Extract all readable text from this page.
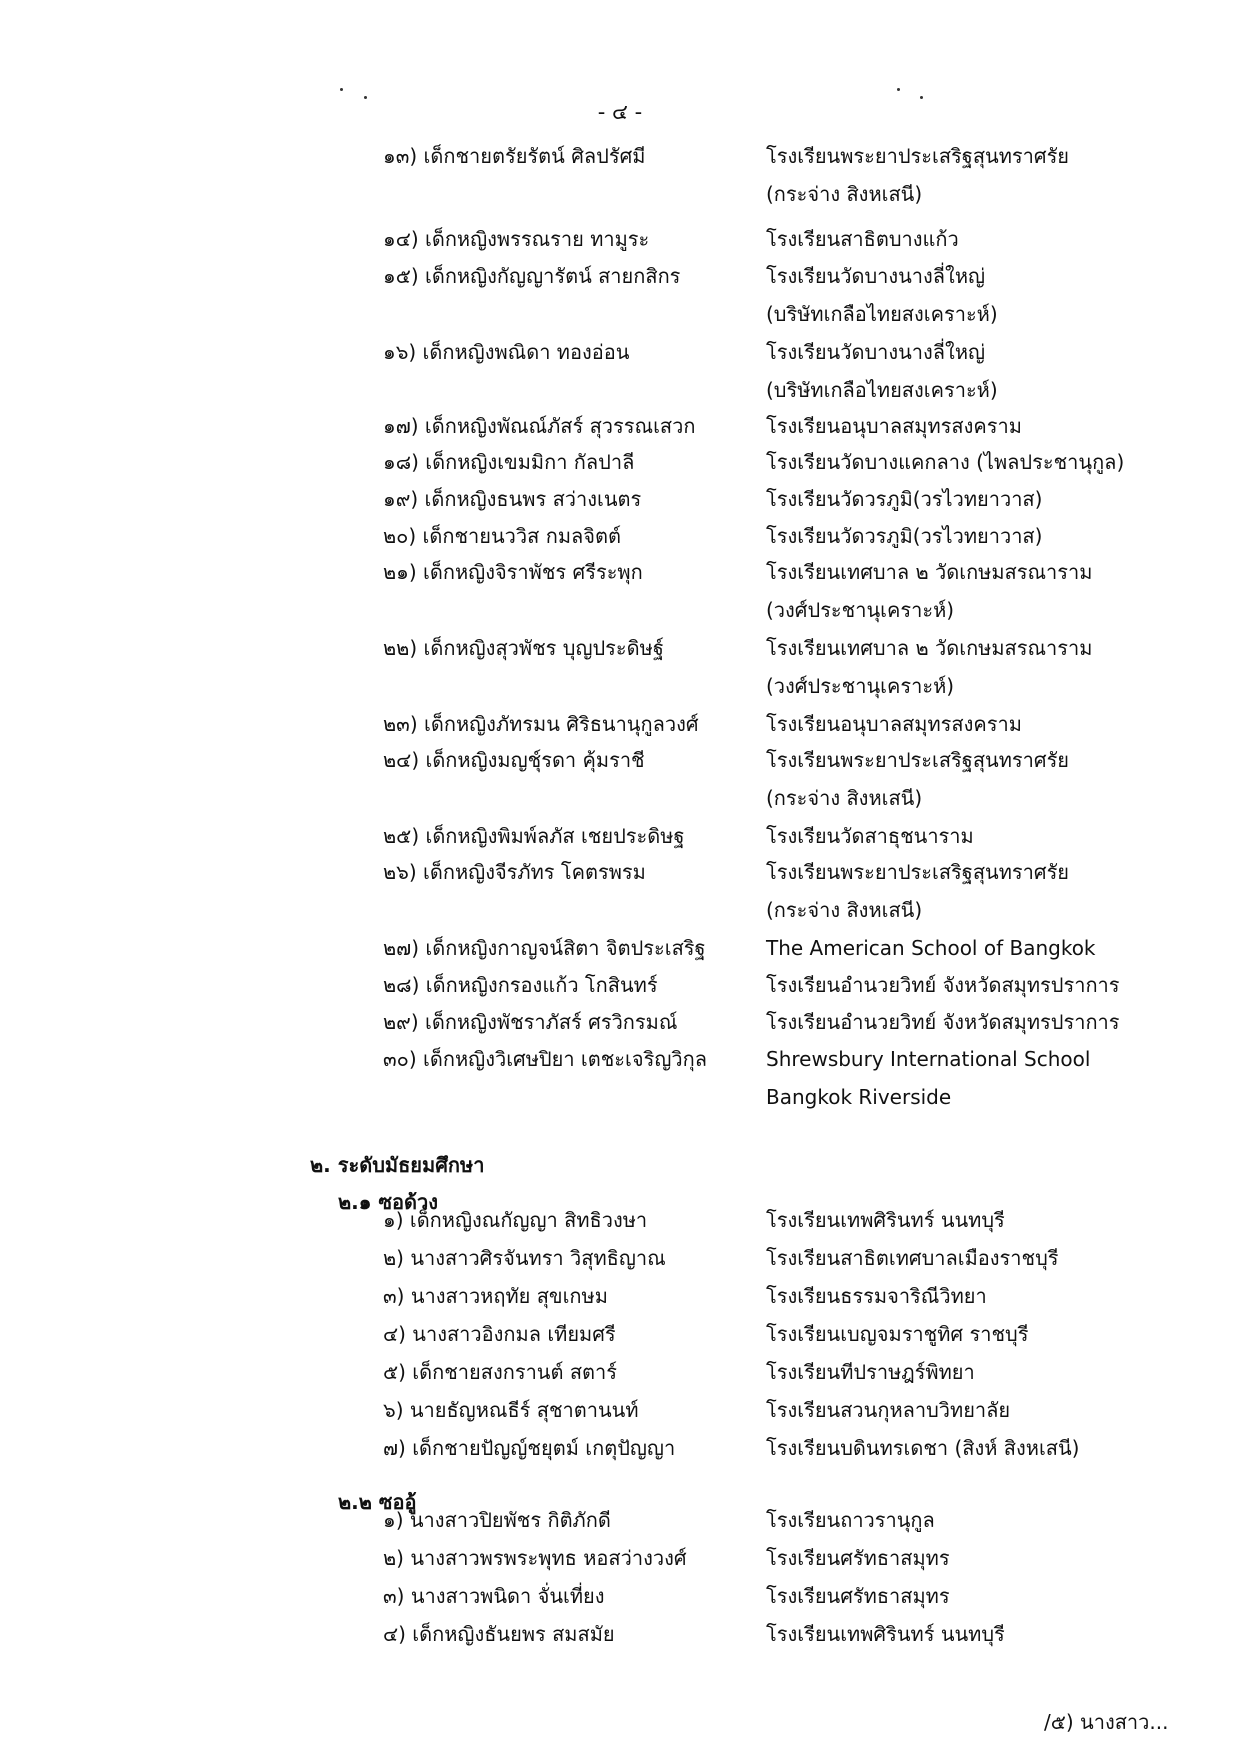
- ๔ -
๑๓) เด็กชายตรัยรัตน์ ศิลปรัศมี	โรงเรียนพระยาประเสริฐสุนทราศรัย
(กระจ่าง สิงหเสนี)
๑๔) เด็กหญิงพรรณราย ทามูระ	โรงเรียนสาธิตบางแก้ว
๑๕) เด็กหญิงกัญญารัตน์ สายกสิกร	โรงเรียนวัดบางนางลี่ใหญ่
(บริษัทเกลือไทยสงเคราะห์)
๑๖) เด็กหญิงพณิดา ทองอ่อน	โรงเรียนวัดบางนางลี่ใหญ่
(บริษัทเกลือไทยสงเคราะห์)
๑๗) เด็กหญิงพัณณ์ภัสร์ สุวรรณเสวก	โรงเรียนอนุบาลสมุทรสงคราม
๑๘) เด็กหญิงเขมมิกา กัลปาลี	โรงเรียนวัดบางแคกลาง (ไพลประชานุกูล)
๑๙) เด็กหญิงธนพร สว่างเนตร	โรงเรียนวัดวรภูมิ(วรไวทยาวาส)
๒๐) เด็กชายนววิส กมลจิตต์	โรงเรียนวัดวรภูมิ(วรไวทยาวาส)
๒๑) เด็กหญิงจิราพัชร ศรีระพุก	โรงเรียนเทศบาล ๒ วัดเกษมสรณาราม
(วงศ์ประชานุเคราะห์)
๒๒) เด็กหญิงสุวพัชร บุญประดิษฐ์	โรงเรียนเทศบาล ๒ วัดเกษมสรณาราม
(วงศ์ประชานุเคราะห์)
๒๓) เด็กหญิงภัทรมน ศิริธนานุกูลวงศ์	โรงเรียนอนุบาลสมุทรสงคราม
๒๔) เด็กหญิงมญชุ์รดา คุ้มราชี	โรงเรียนพระยาประเสริฐสุนทราศรัย
(กระจ่าง สิงหเสนี)
๒๕) เด็กหญิงพิมพ์ลภัส เชยประดิษฐ	โรงเรียนวัดสาธุชนาราม
๒๖) เด็กหญิงจีรภัทร โคตรพรม	โรงเรียนพระยาประเสริฐสุนทราศรัย
(กระจ่าง สิงหเสนี)
๒๗) เด็กหญิงกาญจน์สิตา จิตประเสริฐ	The American School of Bangkok
๒๘) เด็กหญิงกรองแก้ว โกสินทร์	โรงเรียนอำนวยวิทย์ จังหวัดสมุทรปราการ
๒๙) เด็กหญิงพัชราภัสร์ ศรวิกรมณ์	โรงเรียนอำนวยวิทย์ จังหวัดสมุทรปราการ
๓๐) เด็กหญิงวิเศษปิยา เตชะเจริญวิกุล	Shrewsbury International School
Bangkok Riverside
๑) เด็กหญิงณกัญญา สิทธิวงษา	โรงเรียนเทพศิรินทร์ นนทบุรี
๒) นางสาวศิรจันทรา วิสุทธิญาณ	โรงเรียนสาธิตเทศบาลเมืองราชบุรี
๓) นางสาวหฤทัย สุขเกษม	โรงเรียนธรรมจาริณีวิทยา
๔) นางสาวอิงกมล เทียมศรี	โรงเรียนเบญจมราชูทิศ ราชบุรี
๕) เด็กชายสงกรานต์ สตาร์	โรงเรียนทีปราษฎร์พิทยา
๖) นายธัญหณธีร์ สุชาตานนท์	โรงเรียนสวนกุหลาบวิทยาลัย
๗) เด็กชายปัญญ์ชยุตม์ เกตุปัญญา	โรงเรียนบดินทรเดชา (สิงห์ สิงหเสนี)
๑) นางสาวปิยพัชร กิติภักดี	โรงเรียนถาวรานุกูล
๒) นางสาวพรพระพุทธ หอสว่างวงศ์	โรงเรียนศรัทธาสมุทร
๓) นางสาวพนิดา จั่นเที่ยง	โรงเรียนศรัทธาสมุทร
๔) เด็กหญิงธันยพร สมสมัย	โรงเรียนเทพศิรินทร์ นนทบุรี
๒. ระดับมัธยมศึกษา
๒.๑ ซอด้วง
๒.๒ ซออู้
/๕) นางสาว...
